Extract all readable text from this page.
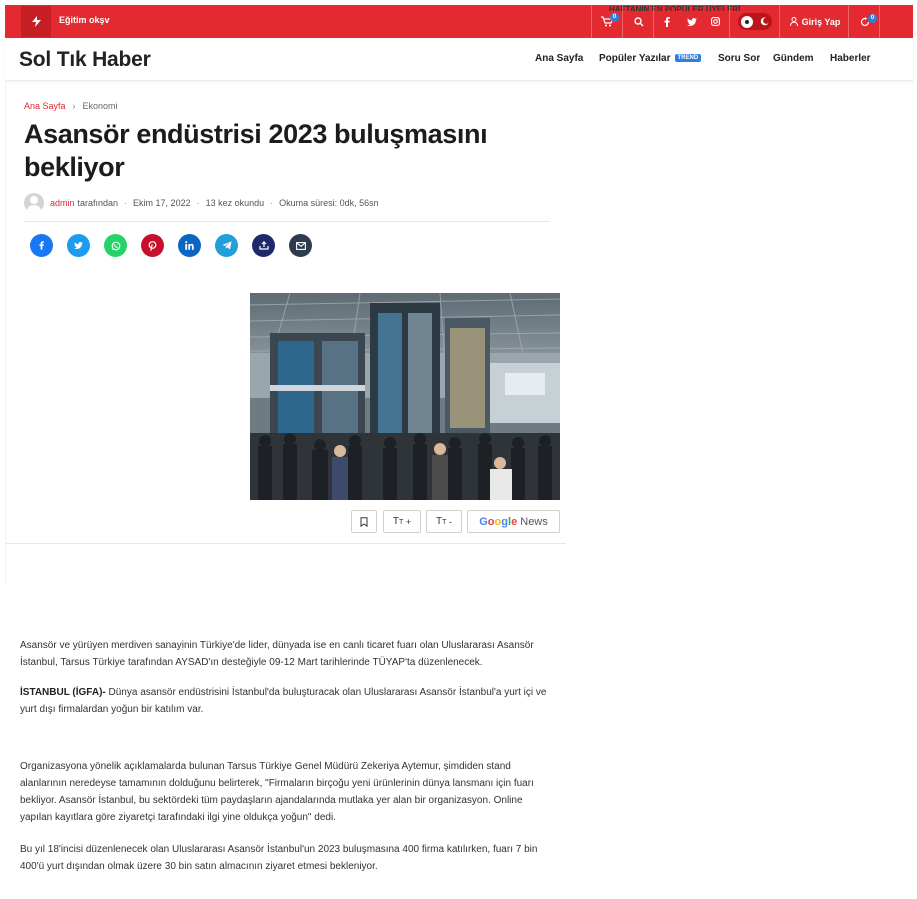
HAFTANIN EN POPÜLER ÜYELERİ
Eğitim okşv	0	Giriş Yap	0
Sol Tık Haber	Ana Sayfa Popüler Yazılar TREND	Soru Sor Gündem Haberler
Ana Sayfa › Ekonomi
Asansör endüstrisi 2023 buluşmasını bekliyor
admin tarafından · Ekim 17, 2022 · 13 kez okundu · Okuma süresi: 0dk, 56sn
TT
+ TT
- Google
News

Asansör ve yürüyen merdiven sanayinin Türkiye'de lider, dünyada ise en canlı ticaret fuarı olan Uluslararası Asansör İstanbul, Tarsus Türkiye tarafından AYSAD'ın desteğiyle 09-12 Mart tarihlerinde TÜYAP'ta düzenlenecek.

İSTANBUL (İGFA)- Dünya asansör endüstrisini İstanbul'da buluşturacak olan Uluslararası Asansör İstanbul'a yurt içi ve yurt dışı firmalardan yoğun bir katılım var.

Organizasyona yönelik açıklamalarda bulunan Tarsus Türkiye Genel Müdürü Zekeriya Aytemur, şimdiden stand alanlarının neredeyse tamamının dolduğunu belirterek, "Firmaların birçoğu yeni ürünlerinin dünya lansmanı için fuarı bekliyor. Asansör İstanbul, bu sektördeki tüm paydaşların ajandalarında mutlaka yer alan bir organizasyon. Online yapılan kayıtlara göre ziyaretçi tarafındaki ilgi yine oldukça yoğun" dedi.

Bu yıl 18'incisi düzenlenecek olan Uluslararası Asansör İstanbul'un 2023 buluşmasına 400 firma katılırken, fuarı 7 bin 400'ü yurt dışından olmak üzere 30 bin satın almacının ziyaret etmesi bekleniyor.
